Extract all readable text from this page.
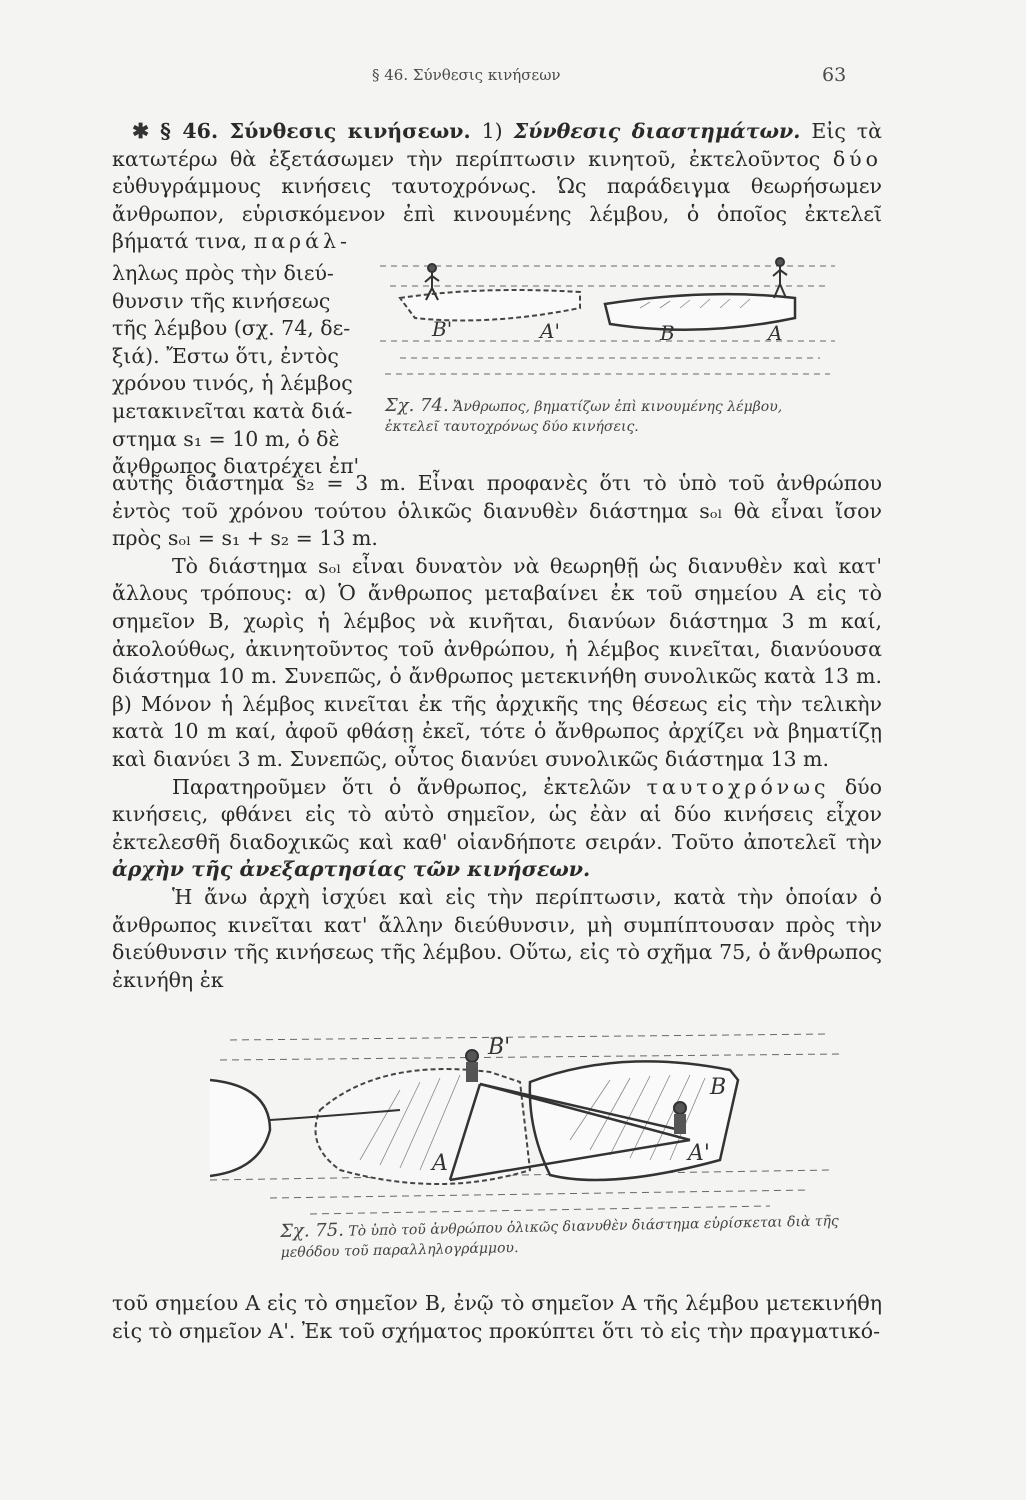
§ 46. Σύνθεσις κινήσεων	63

✱ § 46. Σύνθεσις κινήσεων. 1) Σύνθεσις διαστημάτων. Εἰς τὰ κατωτέρω θὰ ἐξετάσωμεν τὴν περίπτωσιν κινητοῦ, ἐκτελοῦντος δύο εὐθυγράμμους κινήσεις ταυτοχρόνως. Ὡς παράδειγμα θεωρήσωμεν ἄνθρωπον, εὑρισκόμενον ἐπὶ κινουμένης λέμβου, ὁ ὁποῖος ἐκτελεῖ βήματά τινα, παράλ-

ληλως πρὸς τὴν διεύ-
θυνσιν τῆς κινήσεως
τῆς λέμβου (σχ. 74, δε-
ξιά). Ἔστω ὅτι, ἐντὸς
χρόνου τινός, ἡ λέμβος
μετακινεῖται κατὰ διά-
στημα s₁ = 10 m, ὁ δὲ
ἄνθρωπος διατρέχει ἐπ'
B'	A'	B	A
Σχ. 74. Ἄνθρωπος, βηματίζων ἐπὶ κινουμένης λέμβου, ἐκτελεῖ ταυτοχρόνως δύο κινήσεις.

αὐτῆς διάστημα s₂ = 3 m. Εἶναι προφανὲς ὅτι τὸ ὑπὸ τοῦ ἀνθρώπου ἐντὸς τοῦ χρόνου τούτου ὁλικῶς διανυθὲν διάστημα sₒₗ θὰ εἶναι ἴσον πρὸς sₒₗ = s₁ + s₂ = 13 m.

Τὸ διάστημα sₒₗ εἶναι δυνατὸν νὰ θεωρηθῇ ὡς διανυθὲν καὶ κατ' ἄλλους τρόπους: α) Ὁ ἄνθρωπος μεταβαίνει ἐκ τοῦ σημείου A εἰς τὸ σημεῖον B, χωρὶς ἡ λέμβος νὰ κινῆται, διανύων διάστημα 3 m καί, ἀκολούθως, ἀκινητοῦντος τοῦ ἀνθρώπου, ἡ λέμβος κινεῖται, διανύουσα διάστημα 10 m. Συνεπῶς, ὁ ἄνθρωπος μετεκινήθη συνολικῶς κατὰ 13 m. β) Μόνον ἡ λέμβος κινεῖται ἐκ τῆς ἀρχικῆς της θέσεως εἰς τὴν τελικὴν κατὰ 10 m καί, ἀφοῦ φθάσῃ ἐκεῖ, τότε ὁ ἄνθρωπος ἀρχίζει νὰ βηματίζῃ καὶ διανύει 3 m. Συνεπῶς, οὗτος διανύει συνολικῶς διάστημα 13 m.

Παρατηροῦμεν ὅτι ὁ ἄνθρωπος, ἐκτελῶν ταυτοχρόνως δύο κινήσεις, φθάνει εἰς τὸ αὐτὸ σημεῖον, ὡς ἐὰν αἱ δύο κινήσεις εἶχον ἐκτελεσθῆ διαδοχικῶς καὶ καθ' οἱανδήποτε σειράν. Τοῦτο ἀποτελεῖ τὴν ἀρχὴν τῆς ἀνεξαρτησίας τῶν κινήσεων.

Ἡ ἄνω ἀρχὴ ἰσχύει καὶ εἰς τὴν περίπτωσιν, κατὰ τὴν ὁποίαν ὁ ἄνθρωπος κινεῖται κατ' ἄλλην διεύθυνσιν, μὴ συμπίπτουσαν πρὸς τὴν διεύθυνσιν τῆς κινήσεως τῆς λέμβου. Οὕτω, εἰς τὸ σχῆμα 75, ὁ ἄνθρωπος ἐκινήθη ἐκ

B'
B
A	A'
Σχ. 75. Τὸ ὑπὸ τοῦ ἀνθρώπου ὁλικῶς διανυθὲν διάστημα εὑρίσκεται διὰ τῆς μεθόδου τοῦ παραλληλογράμμου.

τοῦ σημείου A εἰς τὸ σημεῖον B, ἐνῷ τὸ σημεῖον A τῆς λέμβου μετεκινήθη εἰς τὸ σημεῖον A'. Ἐκ τοῦ σχήματος προκύπτει ὅτι τὸ εἰς τὴν πραγματικό-
